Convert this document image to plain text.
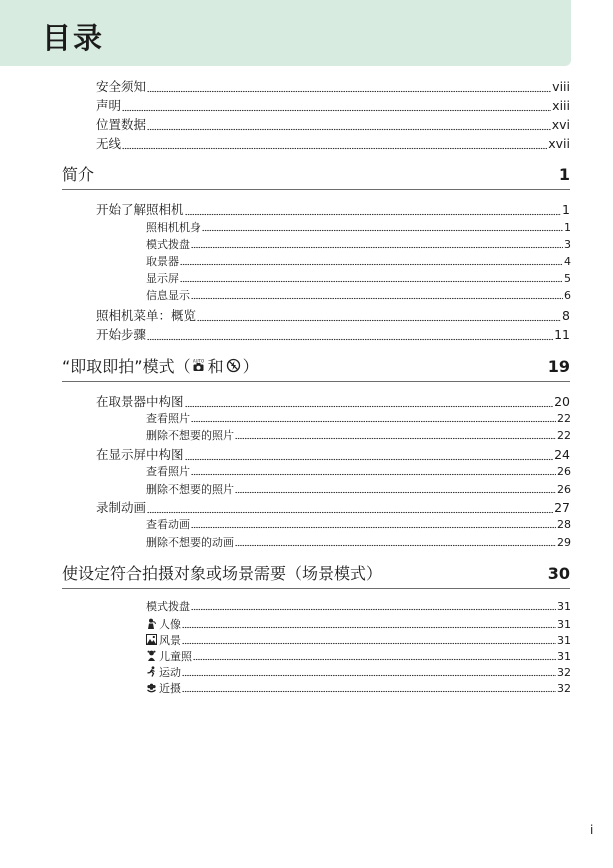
目录
安全须知	viii
声明	xiii
位置数据	xvi
无线	xvii
简介	1
开始了解照相机	1
照相机机身	1
模式拨盘	3
取景器	4
显示屏	5
信息显示	6
照相机菜单：概览	8
开始步骤	11
“即取即拍”模式（ AUTO 和 ）	19
在取景器中构图	20
查看照片	22
删除不想要的照片	22
在显示屏中构图	24
查看照片	26
删除不想要的照片	26
录制动画	27
查看动画	28
删除不想要的动画	29
使设定符合拍摄对象或场景需要（场景模式）	30
模式拨盘	31
人像	31
风景	31
儿童照	31
运动	32
近摄	32
i
